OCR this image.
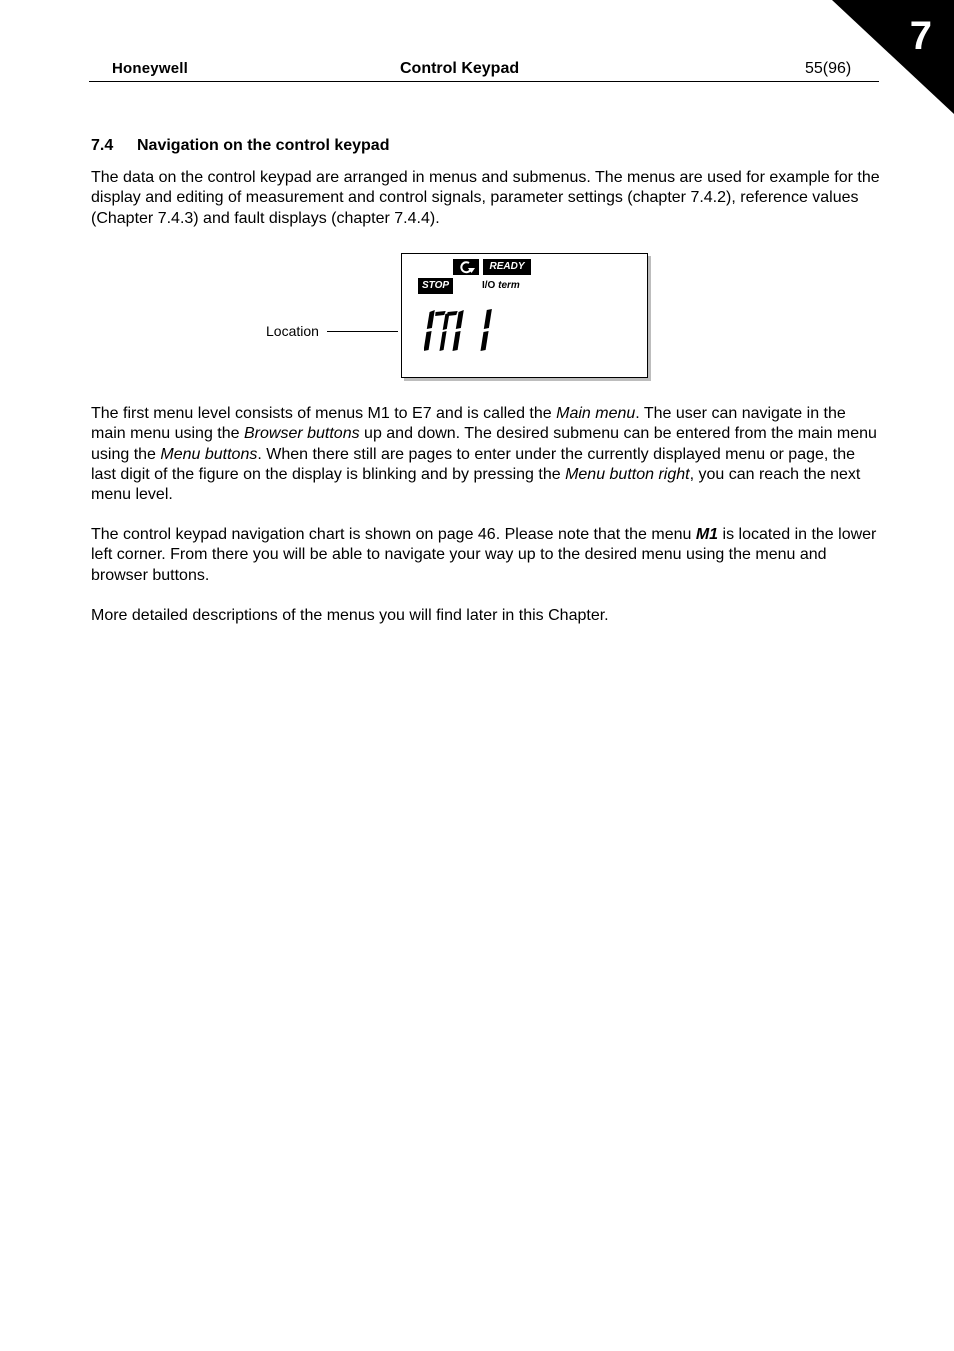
7
Honeywell	Control Keypad	55(96)
7.4 Navigation on the control keypad
The data on the control keypad are arranged in menus and submenus. The menus are used for example for the display and editing of measurement and control signals, parameter settings (chapter 7.4.2), reference values (Chapter 7.4.3) and fault displays (chapter 7.4.4).
Location
READY
STOP	I/O term
The first menu level consists of menus M1 to E7 and is called the Main menu. The user can navigate in the main menu using the Browser buttons up and down. The desired submenu can be entered from the main menu using the Menu buttons. When there still are pages to enter under the currently displayed menu or page, the last digit of the figure on the display is blinking and by pressing the Menu button right, you can reach the next menu level.
The control keypad navigation chart is shown on page 46. Please note that the menu M1 is located in the lower left corner. From there you will be able to navigate your way up to the desired menu using the menu and browser buttons.
More detailed descriptions of the menus you will find later in this Chapter.
